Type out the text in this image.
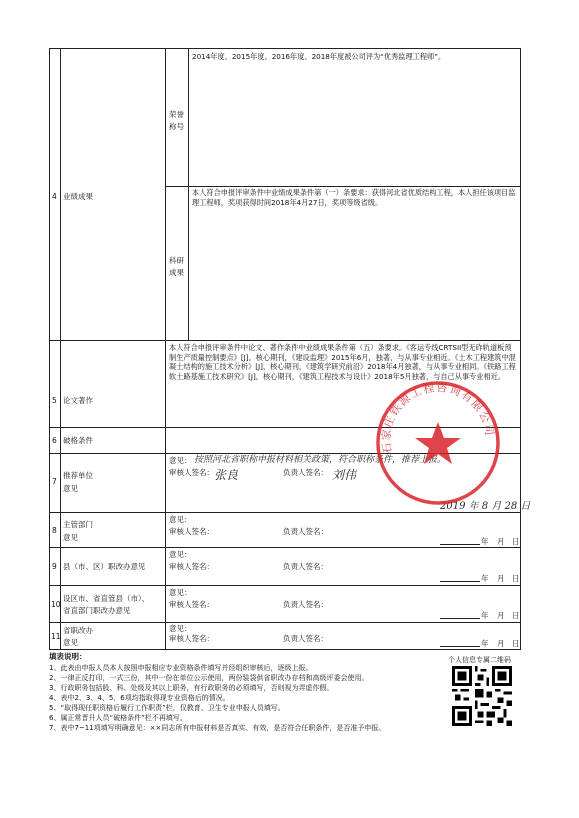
4 业绩成果
荣誉
称号
2014年度、2015年度、2016年度、2018年度被公司评为“优秀监理工程师”。
科研
成果
本人符合申报评审条件中业绩成果条件第（一）条要求：获得河北省优质结构工程，本人担任该项目监理工程师，奖项获得时间2018年4月27日，奖项等级省级。
5 论文著作
本人符合申报评审条件中论文、著作条件中业绩成果条件第（五）条要求。《客运专线CRTSII型无砟轨道板预制生产质量控制要点》[J]，核心期刊，《建设监理》2015年6月，独著，与从事专业相近。《土木工程建筑中混凝土结构的施工技术分析》[J]，核心期刊，《建筑学研究前沿》2018年4月独著，与从事专业相同。《铁路工程软土路基施工技术研究》[J]，核心期刊，《建筑工程技术与设计》2018年5月独著，与自己从事专业相近。
6 破格条件
7
推荐单位
意见
意见：
审核人签名：	负责人签名：
按照河北省职称申报材料相关政策，符合职称条件，推荐上报。
张良	刘伟
2019 年 8 月 28 日
8
主管部门
意见
意见：
审核人签名：	负责人签名：
年 月 日
9 县（市、区）职改办意见
意见：
审核人签名：	负责人签名：
年 月 日
10
设区市、省直管县（市）、
省直部门职改办意见
意见：
审核人签名：	负责人签名：
年 月 日
11
省职改办
意见
意见：
审核人签名：	负责人签名：
年 月 日
石家庄铁源工程咨询有限公司
填表说明：
1、此表由申报人员本人按照申报相应专业资格条件填写并经组织审核后，逐级上报。
2、一律正反打印，一式三份，其中一份在单位公示使用，两份装袋供省职改办存档和高级评委会使用。
3、行政职务包括股、科、处级及其以上职务，有行政职务的必须填写，否则视为弄虚作假。
4、表中2、3、4、5、6项均指取得现专业资格后的情况。
5、“取得现任职资格后履行工作职责”栏，仅教育、卫生专业申报人员填写。
6、属正常晋升人员“破格条件”栏不再填写。
7、表中7~11项填写明确意见：××同志所有申报材料是否真实、有效，是否符合任职条件，是否准予申报。
个人信息专属二维码
